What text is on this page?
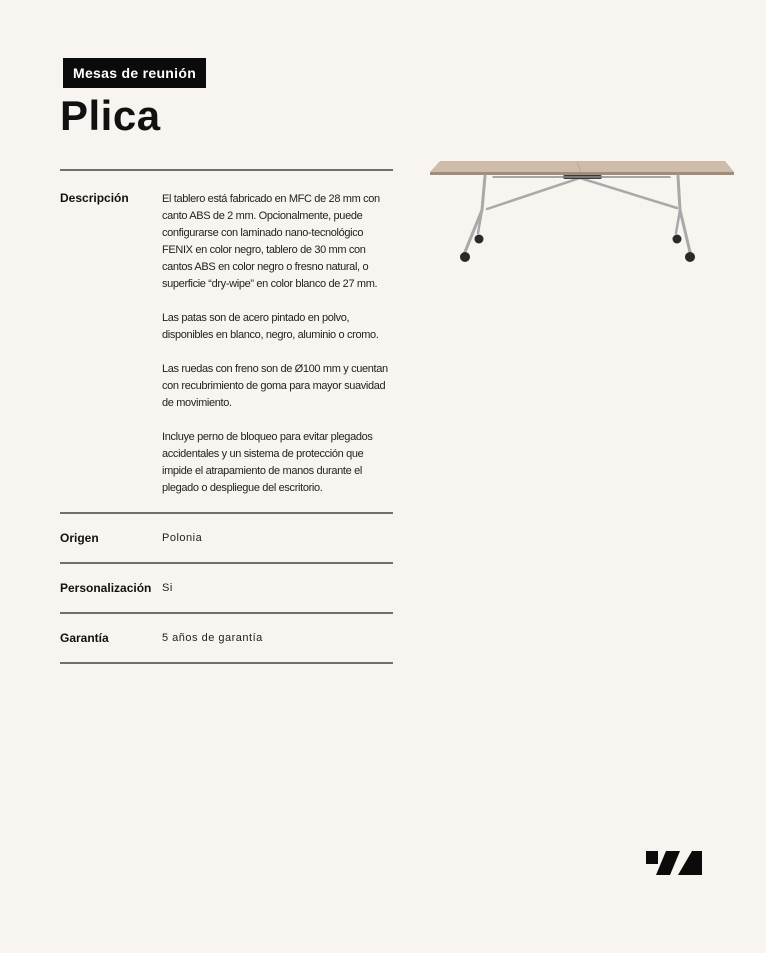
Mesas de reunión
Plica
Descripción	El tablero está fabricado en MFC de 28 mm con canto ABS de 2 mm. Opcionalmente, puede configurarse con laminado nano-tecnológico FENIX en color negro, tablero de 30 mm con cantos ABS en color negro o fresno natural, o superficie “dry-wipe” en color blanco de 27 mm.

Las patas son de acero pintado en polvo, disponibles en blanco, negro, aluminio o cromo.

Las ruedas con freno son de Ø100 mm y cuentan con recubrimiento de goma para mayor suavidad de movimiento.

Incluye perno de bloqueo para evitar plegados accidentales y un sistema de protección que impide el atrapamiento de manos durante el plegado o despliegue del escritorio.

Origen	Polonia
Personalización Si
Garantía	5 años de garantía
